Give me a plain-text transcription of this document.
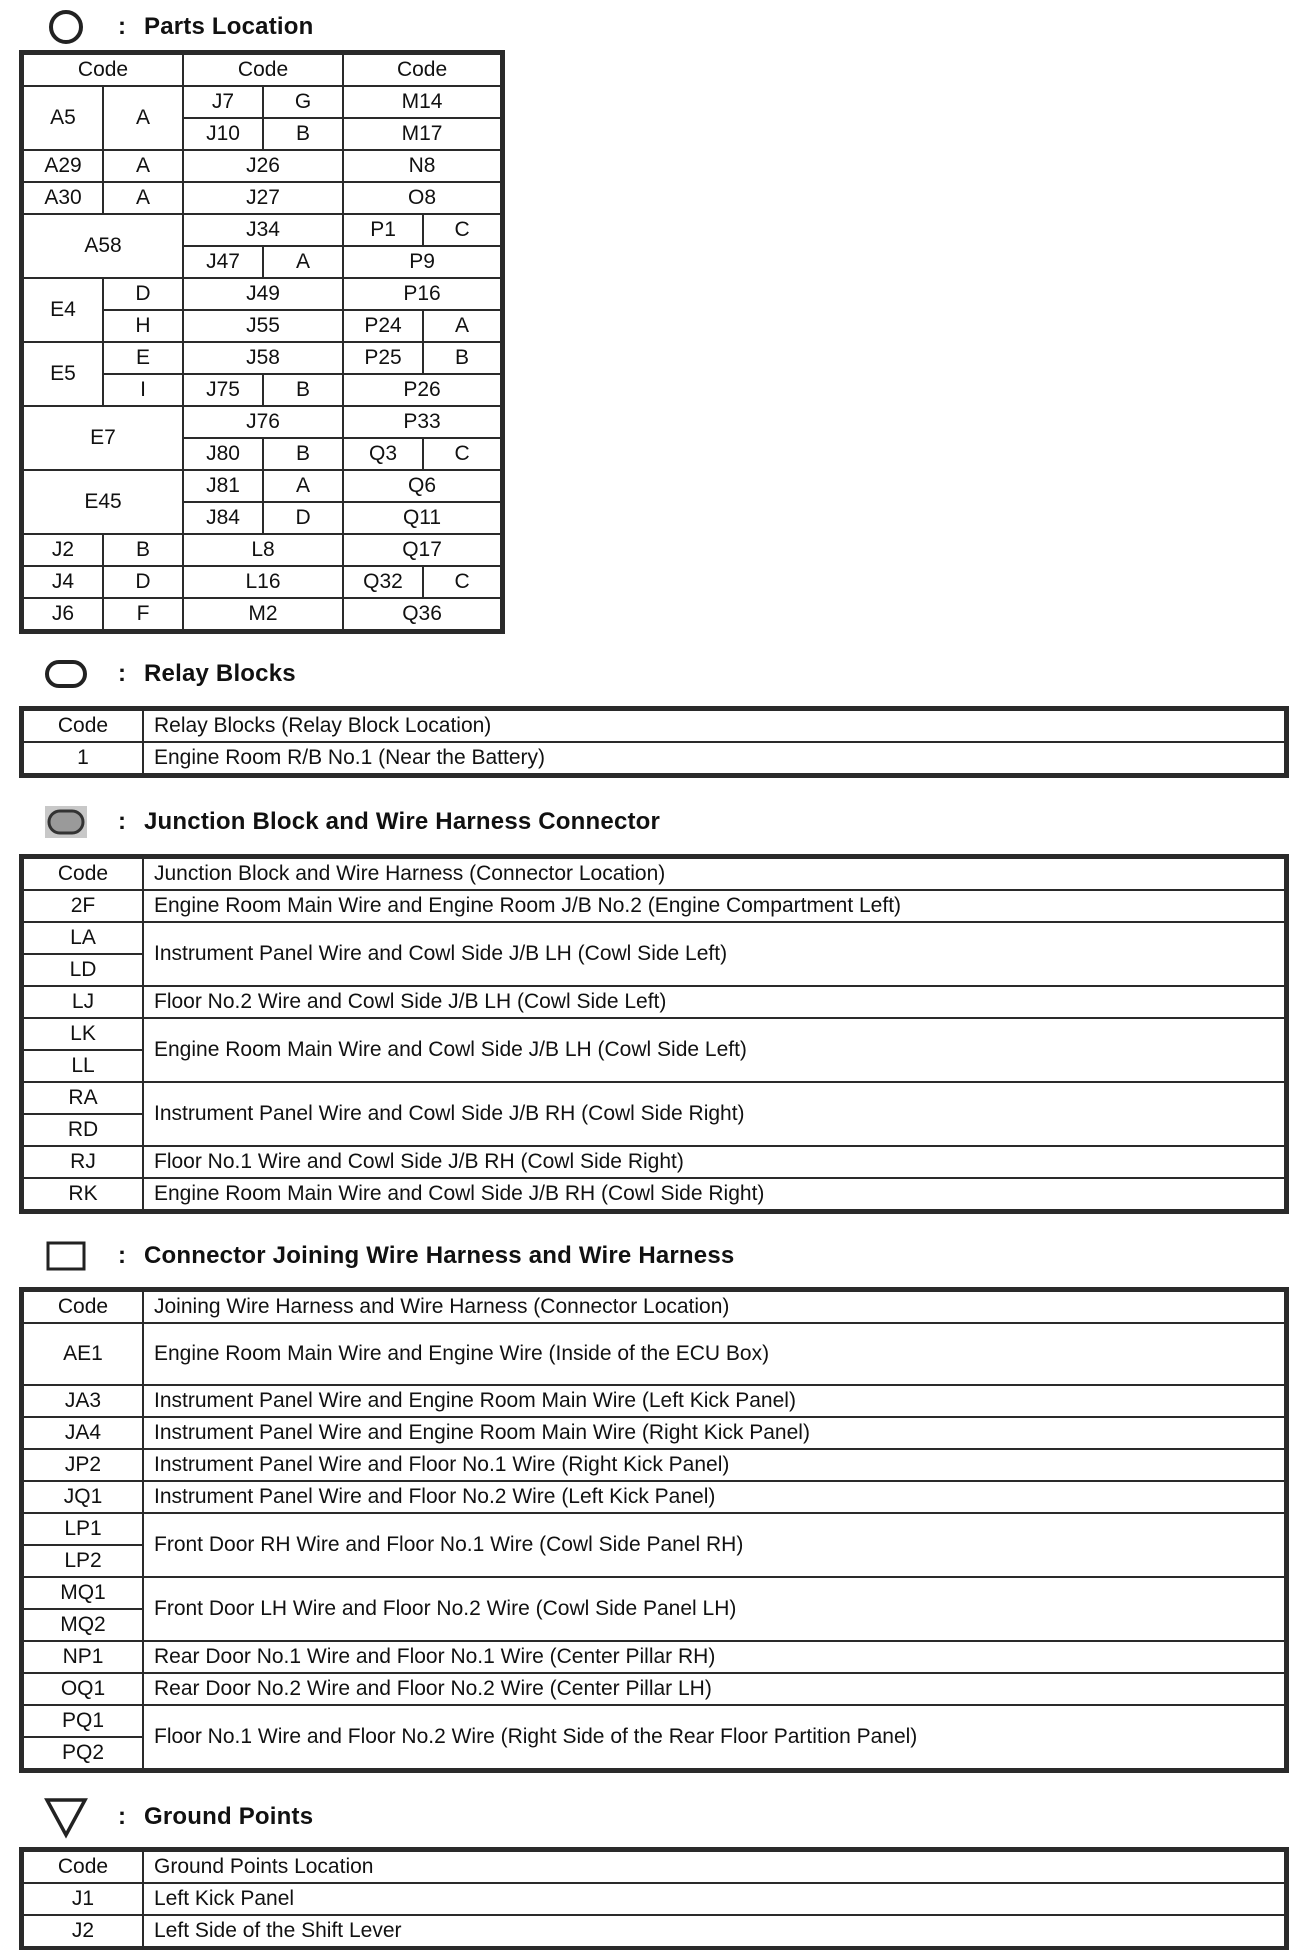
: Parts Location
Code		Code		Code	
A5	A	J7	G	M14	
		J10	B	M17	
A29	A	J26		N8	
A30	A	J27		O8	
A58		J34		P1	C
		J47	A	P9	
E4	D	J49		P16	
	H	J55		P24	A
E5	E	J58		P25	B
	I	J75	B	P26	
E7		J76		P33	
		J80	B	Q3	C
E45		J81	A	Q6	
		J84	D	Q11	
J2	B	L8		Q17	
J4	D	L16		Q32	C
J6	F	M2		Q36	
: Relay Blocks
Code	Relay Blocks (Relay Block Location)
1	Engine Room R/B No.1 (Near the Battery)
: Junction Block and Wire Harness Connector
Code	Junction Block and Wire Harness (Connector Location)
2F	Engine Room Main Wire and Engine Room J/B No.2 (Engine Compartment Left)
LA	Instrument Panel Wire and Cowl Side J/B LH (Cowl Side Left)
LD	
LJ	Floor No.2 Wire and Cowl Side J/B LH (Cowl Side Left)
LK	Engine Room Main Wire and Cowl Side J/B LH (Cowl Side Left)
LL	
RA	Instrument Panel Wire and Cowl Side J/B RH (Cowl Side Right)
RD	
RJ	Floor No.1 Wire and Cowl Side J/B RH (Cowl Side Right)
RK	Engine Room Main Wire and Cowl Side J/B RH (Cowl Side Right)
: Connector Joining Wire Harness and Wire Harness
Code	Joining Wire Harness and Wire Harness (Connector Location)
AE1	Engine Room Main Wire and Engine Wire (Inside of the ECU Box)
JA3	Instrument Panel Wire and Engine Room Main Wire (Left Kick Panel)
JA4	Instrument Panel Wire and Engine Room Main Wire (Right Kick Panel)
JP2	Instrument Panel Wire and Floor No.1 Wire (Right Kick Panel)
JQ1	Instrument Panel Wire and Floor No.2 Wire (Left Kick Panel)
LP1	Front Door RH Wire and Floor No.1 Wire (Cowl Side Panel RH)
LP2	
MQ1	Front Door LH Wire and Floor No.2 Wire (Cowl Side Panel LH)
MQ2	
NP1	Rear Door No.1 Wire and Floor No.1 Wire (Center Pillar RH)
OQ1	Rear Door No.2 Wire and Floor No.2 Wire (Center Pillar LH)
PQ1	Floor No.1 Wire and Floor No.2 Wire (Right Side of the Rear Floor Partition Panel)
PQ2	
: Ground Points
Code	Ground Points Location
J1	Left Kick Panel
J2	Left Side of the Shift Lever
